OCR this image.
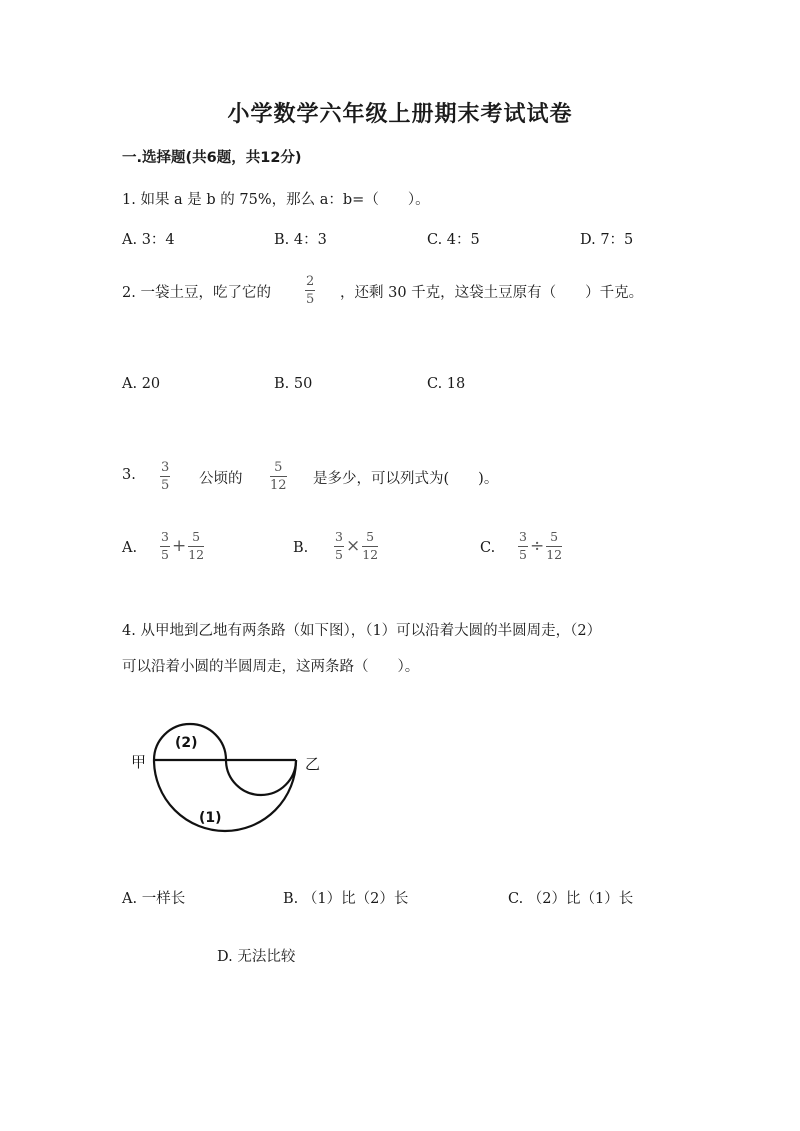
小学数学六年级上册期末考试试卷
一.选择题(共6题，共12分)
1. 如果 a 是 b 的 75%，那么 a：b=（　　）。
A. 3：4	B. 4：3	C. 4：5	D. 7：5
2. 一袋土豆，吃了它的	$\frac{2}{5}$ ，还剩 30 千克，这袋土豆原有（　　）千克。
A. 20	B. 50	C. 18
3. $\frac{3}{5}$ 公顷的 $\frac{5}{12}$ 是多少，可以列式为(　　)。
A. $\frac{3}{5} + \frac{5}{12}$	B. $\frac{3}{5} \times \frac{5}{12}$	C. $\frac{3}{5} \div \frac{5}{12}$
4. 从甲地到乙地有两条路（如下图），（1）可以沿着大圆的半圆周走，（2）
可以沿着小圆的半圆周走，这两条路（　　）。
甲	乙
(2)
(1)
A. 一样长	B. （1）比（2）长	C. （2）比（1）长
D. 无法比较
